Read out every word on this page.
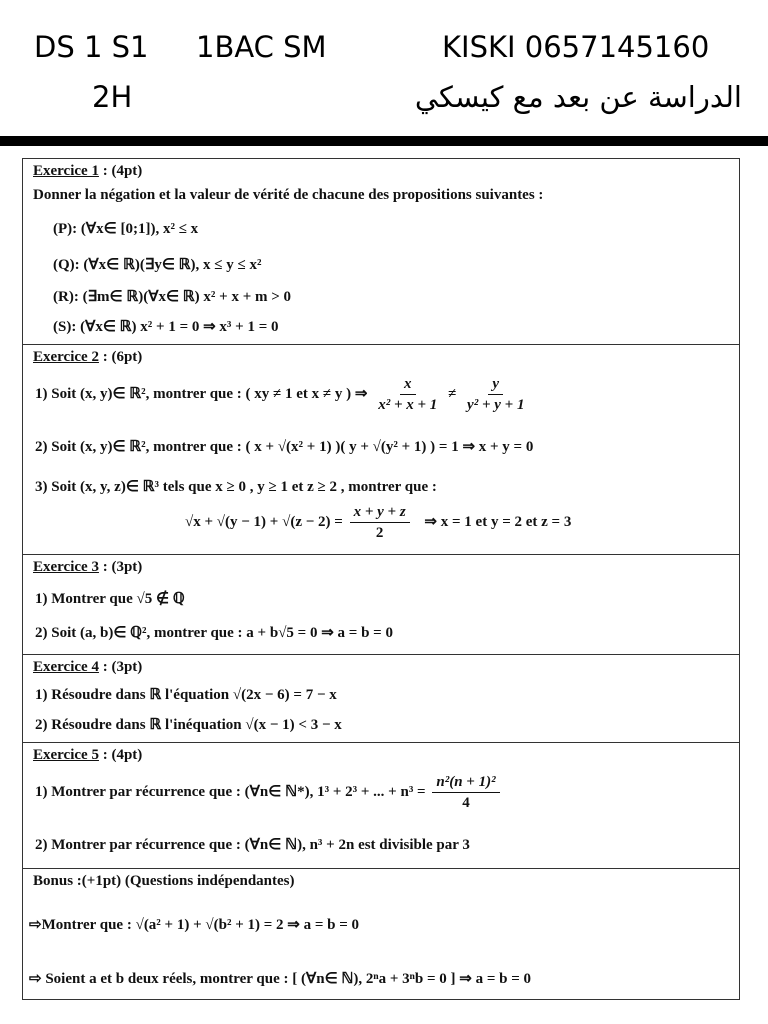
DS 1 S1 1BAC SM	KISKI 0657145160
2H	الدراسة عن بعد مع كيسكي
Exercice 1 : (4pt)
Donner la négation et la valeur de vérité de chacune des propositions suivantes :
(P): (∀x∈ [0;1]), x² ≤ x
(Q): (∀x∈ ℝ)(∃y∈ ℝ), x ≤ y ≤ x²
(R): (∃m∈ ℝ)(∀x∈ ℝ) x² + x + m > 0
(S): (∀x∈ ℝ) x² + 1 = 0 ⇒ x³ + 1 = 0
Exercice 2 : (6pt)
1) Soit (x, y)∈ ℝ², montrer que : ( xy ≠ 1 et x ≠ y ) ⇒ $\frac{x}{\text{x² + x + 1}} \ne \frac{y}{\text{y² + y + 1}}$
2) Soit (x, y)∈ ℝ², montrer que : ( x + √(x² + 1) )( y + √(y² + 1) ) = 1 ⇒ x + y = 0
3) Soit (x, y, z)∈ ℝ³ tels que x ≥ 0 , y ≥ 1 et z ≥ 2 , montrer que :
$√x + √(y - 1) + √(z - 2) = \frac{x + y + z}{2}$ ⇒ x = 1 et y = 2 et z = 3
Exercice 3 : (3pt)
1) Montrer que √5 ∉ ℚ
2) Soit (a, b)∈ ℚ², montrer que : a + b√5 = 0 ⇒ a = b = 0
Exercice 4 : (3pt)
1) Résoudre dans ℝ l'équation √(2x − 6) = 7 − x
2) Résoudre dans ℝ l'inéquation √(x − 1) < 3 − x
Exercice 5 : (4pt)
1) Montrer par récurrence que : (∀n∈ ℕ*), 1³ + 2³ + ... + $n^3 = \frac{\text{n²(n + 1)²}}{4}$
2) Montrer par récurrence que : (∀n∈ ℕ), n³ + 2n est divisible par 3
Bonus :(+1pt) (Questions indépendantes)
⇨Montrer que : √(a² + 1) + √(b² + 1) = 2 ⇒ a = b = 0
⇨ Soient a et b deux réels, montrer que : [ (∀n∈ ℕ), 2ⁿa + 3ⁿb = 0 ] ⇒ a = b = 0
